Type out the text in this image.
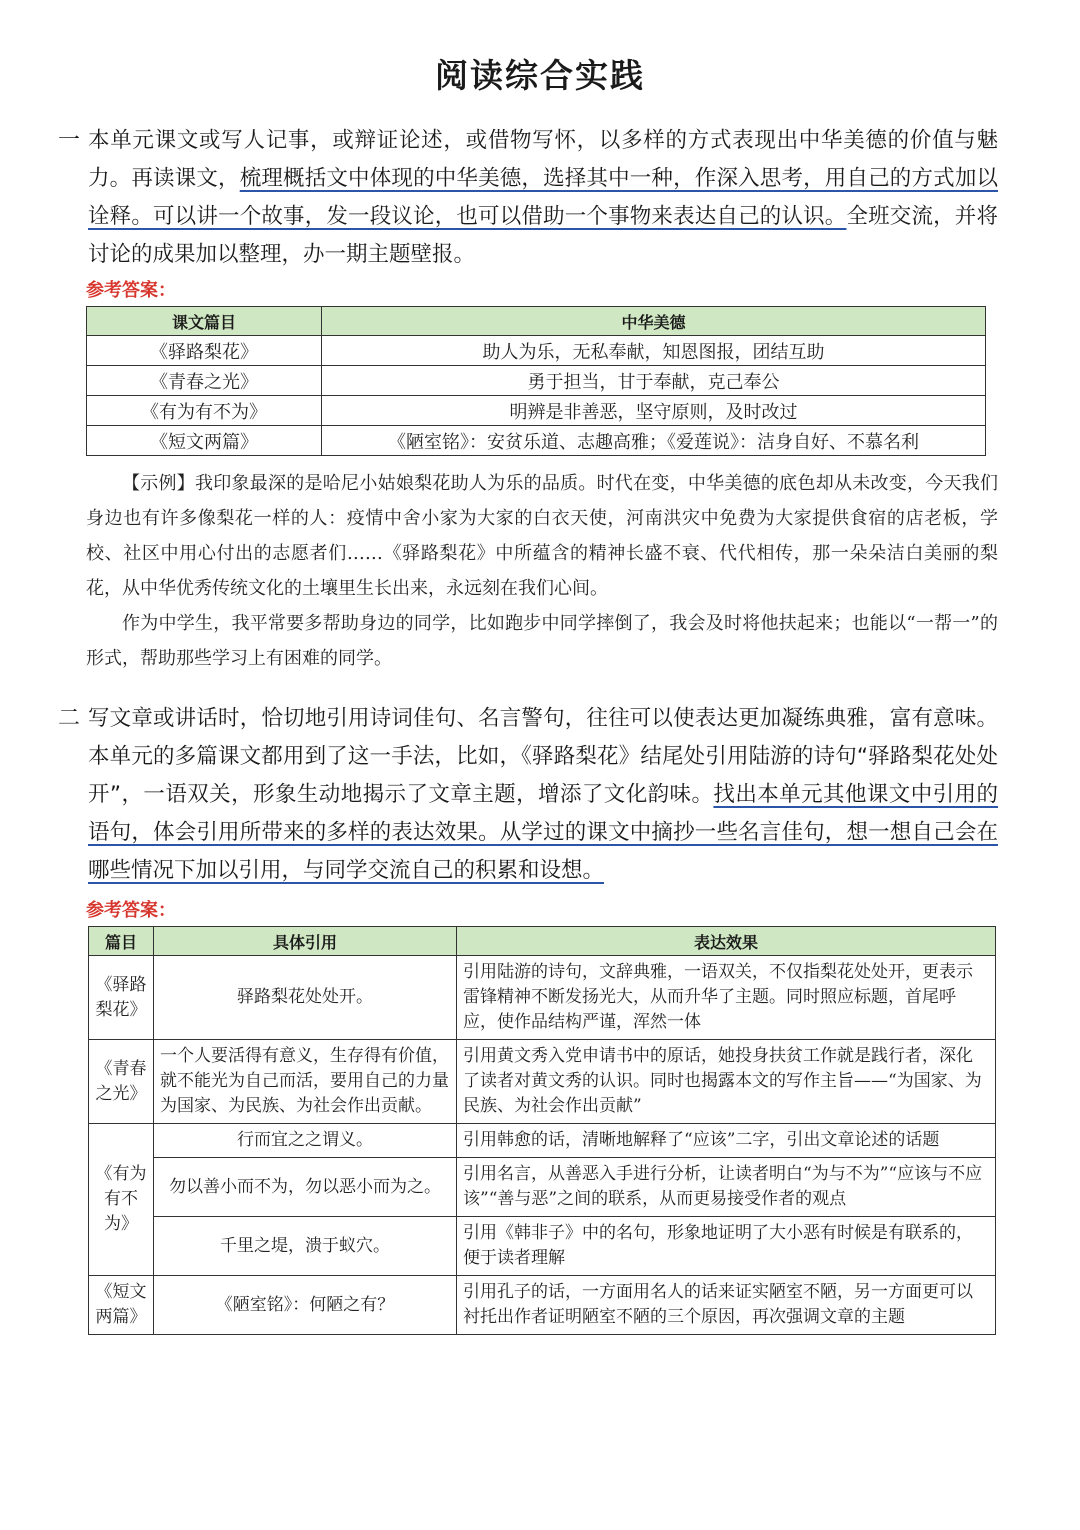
阅读综合实践
一 本单元课文或写人记事，或辩证论述，或借物写怀，以多样的方式表现出中华美德的价值与魅力。再读课文，梳理概括文中体现的中华美德，选择其中一种，作深入思考，用自己的方式加以诠释。可以讲一个故事，发一段议论，也可以借助一个事物来表达自己的认识。全班交流，并将讨论的成果加以整理，办一期主题壁报。
参考答案：
课文篇目	中华美德
《驿路梨花》	助人为乐，无私奉献，知恩图报，团结互助
《青春之光》	勇于担当，甘于奉献，克己奉公
《有为有不为》	明辨是非善恶，坚守原则，及时改过
《短文两篇》	《陋室铭》：安贫乐道、志趣高雅；《爱莲说》：洁身自好、不慕名利

【示例】我印象最深的是哈尼小姑娘梨花助人为乐的品质。时代在变，中华美德的底色却从未改变，今天我们身边也有许多像梨花一样的人：疫情中舍小家为大家的白衣天使，河南洪灾中免费为大家提供食宿的店老板，学校、社区中用心付出的志愿者们……《驿路梨花》中所蕴含的精神长盛不衰、代代相传，那一朵朵洁白美丽的梨花，从中华优秀传统文化的土壤里生长出来，永远刻在我们心间。

作为中学生，我平常要多帮助身边的同学，比如跑步中同学摔倒了，我会及时将他扶起来；也能以“一帮一”的形式，帮助那些学习上有困难的同学。

二 写文章或讲话时，恰切地引用诗词佳句、名言警句，往往可以使表达更加凝练典雅，富有意味。本单元的多篇课文都用到了这一手法，比如，《驿路梨花》结尾处引用陆游的诗句“驿路梨花处处开”，一语双关，形象生动地揭示了文章主题，增添了文化韵味。找出本单元其他课文中引用的语句，体会引用所带来的多样的表达效果。从学过的课文中摘抄一些名言佳句，想一想自己会在哪些情况下加以引用，与同学交流自己的积累和设想。
参考答案：
篇目	具体引用	表达效果
《驿路梨花》	驿路梨花处处开。	引用陆游的诗句，文辞典雅，一语双关，不仅指梨花处处开，更表示雷锋精神不断发扬光大，从而升华了主题。同时照应标题，首尾呼应，使作品结构严谨，浑然一体
《青春之光》	一个人要活得有意义，生存得有价值，就不能光为自己而活，要用自己的力量为国家、为民族、为社会作出贡献。	引用黄文秀入党申请书中的原话，她投身扶贫工作就是践行者，深化了读者对黄文秀的认识。同时也揭露本文的写作主旨——“为国家、为民族、为社会作出贡献”
《有为有不为》	行而宜之之谓义。	引用韩愈的话，清晰地解释了“应该”二字，引出文章论述的话题
	勿以善小而不为，勿以恶小而为之。	引用名言，从善恶入手进行分析，让读者明白“为与不为”“应该与不应该”“善与恶”之间的联系，从而更易接受作者的观点
	千里之堤，溃于蚁穴。	引用《韩非子》中的名句，形象地证明了大小恶有时候是有联系的，便于读者理解
《短文两篇》	《陋室铭》：何陋之有？	引用孔子的话，一方面用名人的话来证实陋室不陋，另一方面更可以衬托出作者证明陋室不陋的三个原因，再次强调文章的主题
